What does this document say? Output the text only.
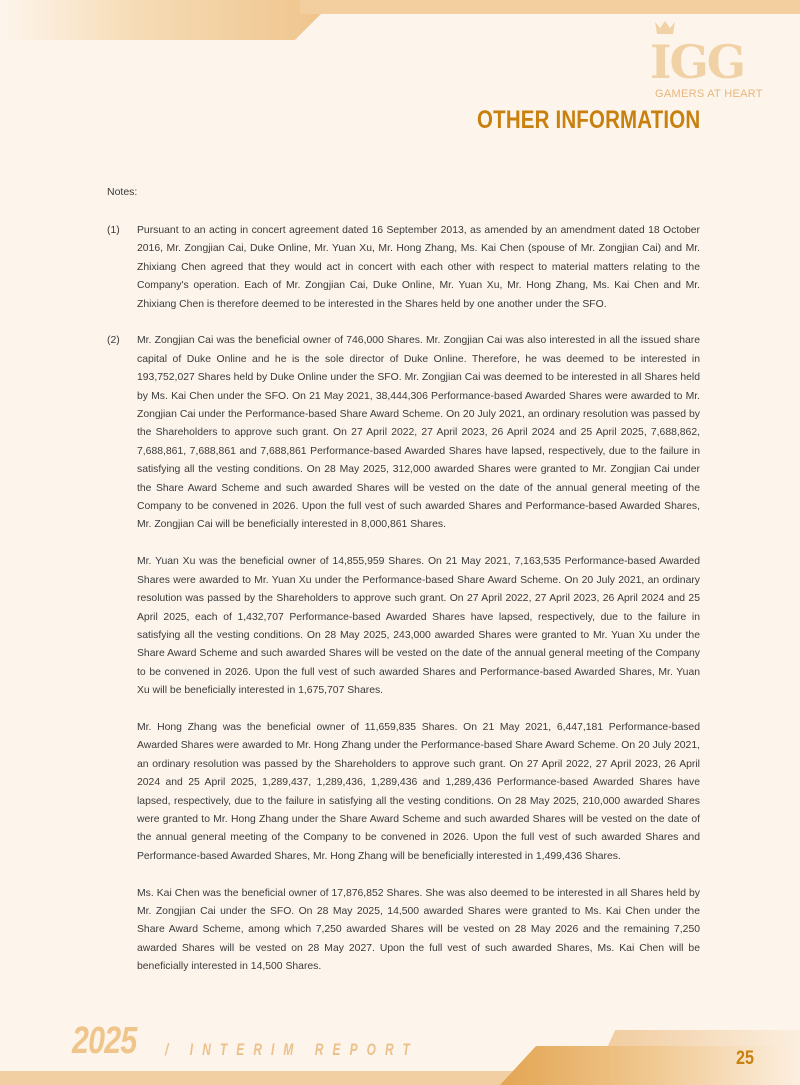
IGG
GAMERS AT HEART
OTHER INFORMATION
Notes:
(1)	Pursuant to an acting in concert agreement dated 16 September 2013, as amended by an amendment dated 18 October 2016, Mr. Zongjian Cai, Duke Online, Mr. Yuan Xu, Mr. Hong Zhang, Ms. Kai Chen (spouse of Mr. Zongjian Cai) and Mr. Zhixiang Chen agreed that they would act in concert with each other with respect to material matters relating to the Company's operation. Each of Mr. Zongjian Cai, Duke Online, Mr. Yuan Xu, Mr. Hong Zhang, Ms. Kai Chen and Mr. Zhixiang Chen is therefore deemed to be interested in the Shares held by one another under the SFO.

(2)	Mr. Zongjian Cai was the beneficial owner of 746,000 Shares. Mr. Zongjian Cai was also interested in all the issued share capital of Duke Online and he is the sole director of Duke Online. Therefore, he was deemed to be interested in 193,752,027 Shares held by Duke Online under the SFO. Mr. Zongjian Cai was deemed to be interested in all Shares held by Ms. Kai Chen under the SFO. On 21 May 2021, 38,444,306 Performance-based Awarded Shares were awarded to Mr. Zongjian Cai under the Performance-based Share Award Scheme. On 20 July 2021, an ordinary resolution was passed by the Shareholders to approve such grant. On 27 April 2022, 27 April 2023, 26 April 2024 and 25 April 2025, 7,688,862, 7,688,861, 7,688,861 and 7,688,861 Performance-based Awarded Shares have lapsed, respectively, due to the failure in satisfying all the vesting conditions. On 28 May 2025, 312,000 awarded Shares were granted to Mr. Zongjian Cai under the Share Award Scheme and such awarded Shares will be vested on the date of the annual general meeting of the Company to be convened in 2026. Upon the full vest of such awarded Shares and Performance-based Awarded Shares, Mr. Zongjian Cai will be beneficially interested in 8,000,861 Shares.

Mr. Yuan Xu was the beneficial owner of 14,855,959 Shares. On 21 May 2021, 7,163,535 Performance-based Awarded Shares were awarded to Mr. Yuan Xu under the Performance-based Share Award Scheme. On 20 July 2021, an ordinary resolution was passed by the Shareholders to approve such grant. On 27 April 2022, 27 April 2023, 26 April 2024 and 25 April 2025, each of 1,432,707 Performance-based Awarded Shares have lapsed, respectively, due to the failure in satisfying all the vesting conditions. On 28 May 2025, 243,000 awarded Shares were granted to Mr. Yuan Xu under the Share Award Scheme and such awarded Shares will be vested on the date of the annual general meeting of the Company to be convened in 2026. Upon the full vest of such awarded Shares and Performance-based Awarded Shares, Mr. Yuan Xu will be beneficially interested in 1,675,707 Shares.

Mr. Hong Zhang was the beneficial owner of 11,659,835 Shares. On 21 May 2021, 6,447,181 Performance-based Awarded Shares were awarded to Mr. Hong Zhang under the Performance-based Share Award Scheme. On 20 July 2021, an ordinary resolution was passed by the Shareholders to approve such grant. On 27 April 2022, 27 April 2023, 26 April 2024 and 25 April 2025, 1,289,437, 1,289,436, 1,289,436 and 1,289,436 Performance-based Awarded Shares have lapsed, respectively, due to the failure in satisfying all the vesting conditions. On 28 May 2025, 210,000 awarded Shares were granted to Mr. Hong Zhang under the Share Award Scheme and such awarded Shares will be vested on the date of the annual general meeting of the Company to be convened in 2026. Upon the full vest of such awarded Shares and Performance-based Awarded Shares, Mr. Hong Zhang will be beneficially interested in 1,499,436 Shares.

Ms. Kai Chen was the beneficial owner of 17,876,852 Shares. She was also deemed to be interested in all Shares held by Mr. Zongjian Cai under the SFO. On 28 May 2025, 14,500 awarded Shares were granted to Ms. Kai Chen under the Share Award Scheme, among which 7,250 awarded Shares will be vested on 28 May 2026 and the remaining 7,250 awarded Shares will be vested on 28 May 2027. Upon the full vest of such awarded Shares, Ms. Kai Chen will be beneficially interested in 14,500 Shares.

2025 / INTERIM REPORT	25
